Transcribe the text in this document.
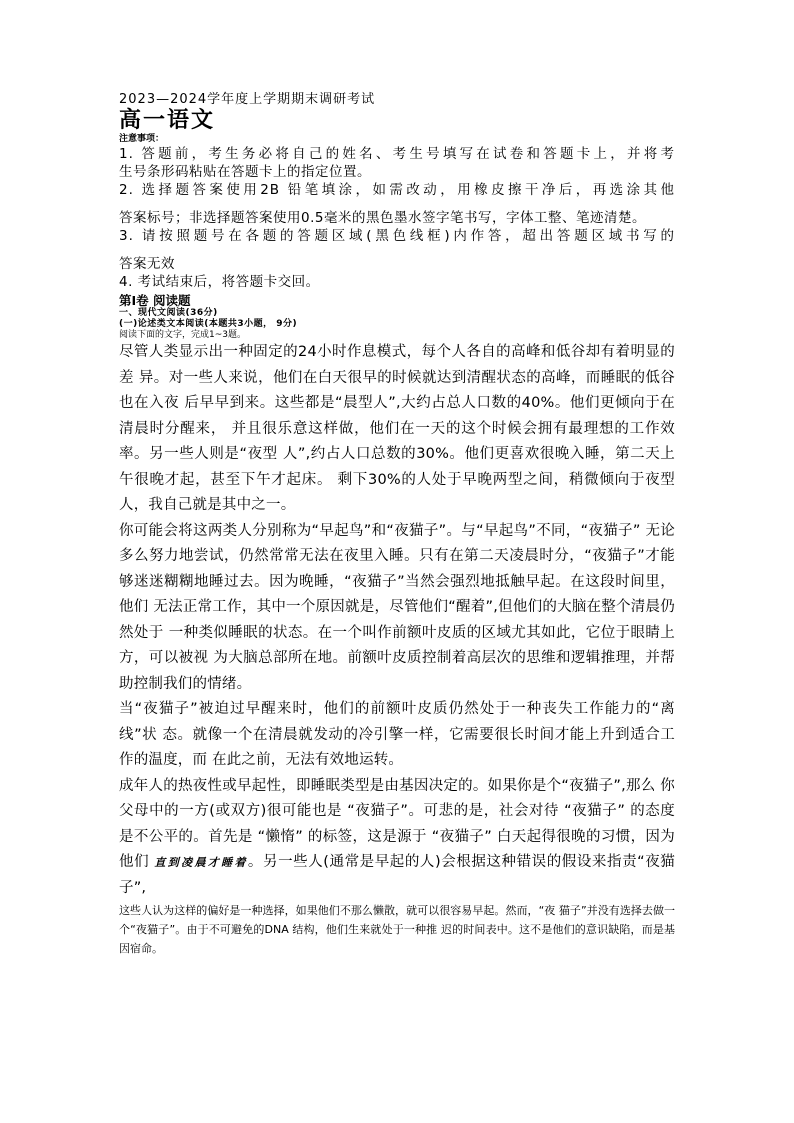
2023—2024学年度上学期期末调研考试

高一语文

注意事项：

1. 答题前，考生务必将自己的姓名、考生号填写在试卷和答题卡上，并将考

生号条形码粘贴在答题卡上的指定位置。

2. 选择题答案使用2B 铅笔填涂，如需改动，用橡皮擦干净后，再选涂其他

答案标号；非选择题答案使用0.5毫米的黑色墨水签字笔书写，字体工整、笔迹清楚。

3. 请按照题号在各题的答题区域(黑色线框)内作答，超出答题区域书写的

答案无效

4. 考试结束后，将答题卡交回。

第I卷 阅读题

一、现代文阅读(36分)

(一)论述类文本阅读(本题共3小题， 9分)

阅读下面的文字，完成1~3题。

尽管人类显示出一种固定的24小时作息模式，每个人各自的高峰和低谷却有着明显的差 异。对一些人来说，他们在白天很早的时候就达到清醒状态的高峰，而睡眠的低谷也在入夜 后早早到来。这些都是“晨型人”,大约占总人口数的40%。他们更倾向于在清晨时分醒来， 并且很乐意这样做，他们在一天的这个时候会拥有最理想的工作效率。另一些人则是“夜型 人”,约占人口总数的30%。他们更喜欢很晚入睡，第二天上午很晚才起，甚至下午才起床。 剩下30%的人处于早晚两型之间，稍微倾向于夜型人，我自己就是其中之一。

你可能会将这两类人分别称为“早起鸟”和“夜猫子”。与“早起鸟”不同，“夜猫子” 无论多么努力地尝试，仍然常常无法在夜里入睡。只有在第二天凌晨时分，“夜猫子”才能够迷迷糊糊地睡过去。因为晚睡，“夜猫子”当然会强烈地抵触早起。在这段时间里，他们 无法正常工作，其中一个原因就是，尽管他们“醒着”,但他们的大脑在整个清晨仍然处于 一种类似睡眠的状态。在一个叫作前额叶皮质的区域尤其如此，它位于眼睛上方，可以被视 为大脑总部所在地。前额叶皮质控制着高层次的思维和逻辑推理，并帮助控制我们的情绪。

当“夜猫子”被迫过早醒来时，他们的前额叶皮质仍然处于一种丧失工作能力的“离线”状 态。就像一个在清晨就发动的冷引擎一样，它需要很长时间才能上升到适合工作的温度，而 在此之前，无法有效地运转。

成年人的热夜性或早起性，即睡眠类型是由基因决定的。如果你是个“夜猫子”,那么 你父母中的一方(或双方)很可能也是 “夜猫子”。可悲的是，社会对待 “夜猫子” 的态度 是不公平的。首先是 “懒惰” 的标签，这是源于 “夜猫子” 白天起得很晚的习惯，因为他们 直到凌晨才睡着。另一些人(通常是早起的人)会根据这种错误的假设来指责“夜猫子”,

这些人认为这样的偏好是一种选择，如果他们不那么懒散，就可以很容易早起。然而，“夜 猫子”并没有选择去做一个“夜猫子”。由于不可避免的DNA 结构，他们生来就处于一种推 迟的时间表中。这不是他们的意识缺陷，而是基因宿命。
